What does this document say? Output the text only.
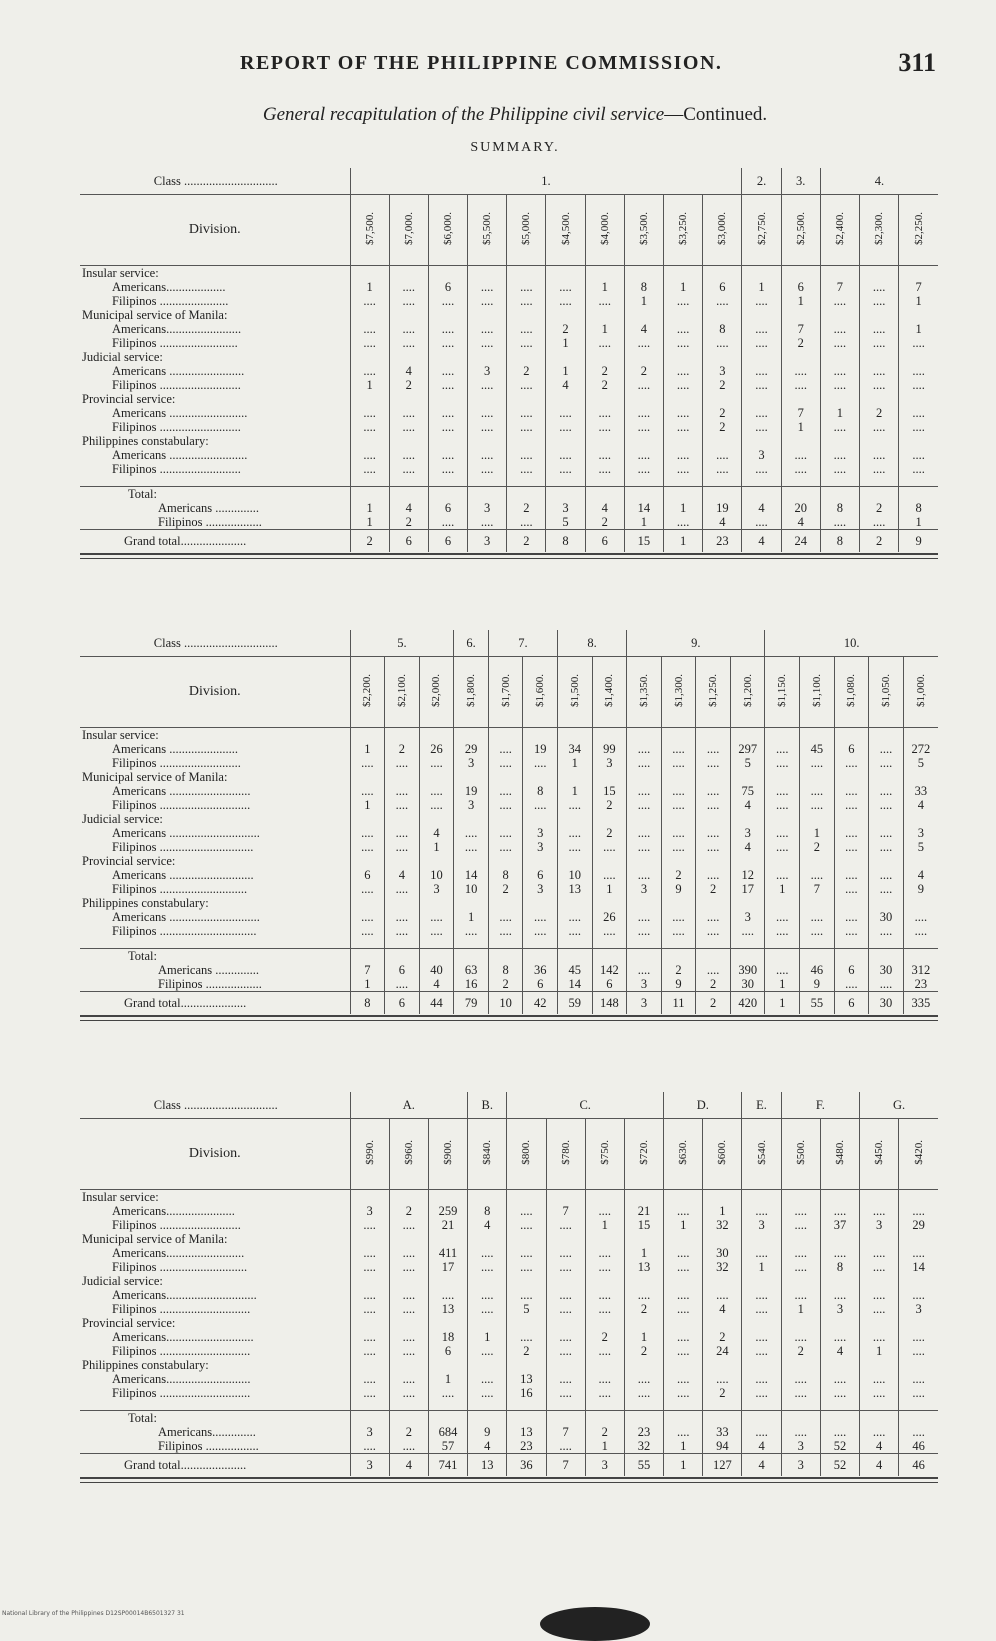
REPORT OF THE PHILIPPINE COMMISSION.	311
General recapitulation of the Philippine civil service—Continued.
SUMMARY.
Class ..............................	1.										2.	3.	4.		
Division.	$7,500.	$7,000.	$6,000.	$5,500.	$5,000.	$4,500.	$4,000.	$3,500.	$3,250.	$3,000.	$2,750.	$2,500.	$2,400.	$2,300.	$2,250.
Insular service:															
Americans...................	1	....	6	....	....	....	1	8	1	6	1	6	7	....	7
Filipinos ......................	....	....	....	....	....	....	....	1	....	....	....	1	....	....	1
Municipal service of Manila:															
Americans........................	....	....	....	....	....	2	1	4	....	8	....	7	....	....	1
Filipinos .........................	....	....	....	....	....	1	....	....	....	....	....	2	....	....	....
Judicial service:															
Americans ........................	....	4	....	3	2	1	2	2	....	3	....	....	....	....	....
Filipinos ..........................	1	2	....	....	....	4	2	....	....	2	....	....	....	....	....
Provincial service:															
Americans .........................	....	....	....	....	....	....	....	....	....	2	....	7	1	2	....
Filipinos ..........................	....	....	....	....	....	....	....	....	....	2	....	1	....	....	....
Philippines constabulary:															
Americans .........................	....	....	....	....	....	....	....	....	....	....	3	....	....	....	....
Filipinos ..........................	....	....	....	....	....	....	....	....	....	....	....	....	....	....	....

Total:															
Americans ..............	1	4	6	3	2	3	4	14	1	19	4	20	8	2	8
Filipinos ..................	1	2	....	....	....	5	2	1	....	4	....	4	....	....	1
Grand total.....................	2	6	6	3	2	8	6	15	1	23	4	24	8	2	9
Class ..............................	5.			6.	7.		8.		9.				10.				
Division.	$2,200.	$2,100.	$2,000.	$1,800.	$1,700.	$1,600.	$1,500.	$1,400.	$1,350.	$1,300.	$1,250.	$1,200.	$1,150.	$1,100.	$1,080.	$1,050.	$1,000.
Insular service:																	
Americans ......................	1	2	26	29	....	19	34	99	....	....	....	297	....	45	6	....	272
Filipinos ..........................	....	....	....	3	....	....	1	3	....	....	....	5	....	....	....	....	5
Municipal service of Manila:																	
Americans ..........................	....	....	....	19	....	8	1	15	....	....	....	75	....	....	....	....	33
Filipinos .............................	1	....	....	3	....	....	....	2	....	....	....	4	....	....	....	....	4
Judicial service:																	
Americans .............................	....	....	4	....	....	3	....	2	....	....	....	3	....	1	....	....	3
Filipinos ..............................	....	....	1	....	....	3	....	....	....	....	....	4	....	2	....	....	5
Provincial service:																	
Americans ...........................	6	4	10	14	8	6	10	....	....	2	....	12	....	....	....	....	4
Filipinos ............................	....	....	3	10	2	3	13	1	3	9	2	17	1	7	....	....	9
Philippines constabulary:																	
Americans .............................	....	....	....	1	....	....	....	26	....	....	....	3	....	....	....	30	....
Filipinos ...............................	....	....	....	....	....	....	....	....	....	....	....	....	....	....	....	....	....

Total:																	
Americans ..............	7	6	40	63	8	36	45	142	....	2	....	390	....	46	6	30	312
Filipinos ..................	1	....	4	16	2	6	14	6	3	9	2	30	1	9	....	....	23
Grand total.....................	8	6	44	79	10	42	59	148	3	11	2	420	1	55	6	30	335
Class ..............................	A.			B.	C.				D.		E.	F.		G.	
Division.	$990.	$960.	$900.	$840.	$800.	$780.	$750.	$720.	$630.	$600.	$540.	$500.	$480.	$450.	$420.
Insular service:															
Americans......................	3	2	259	8	....	7	....	21	....	1	....	....	....	....	....
Filipinos ..........................	....	....	21	4	....	....	1	15	1	32	3	....	37	3	29
Municipal service of Manila:															
Americans.........................	....	....	411	....	....	....	....	1	....	30	....	....	....	....	....
Filipinos ............................	....	....	17	....	....	....	....	13	....	32	1	....	8	....	14
Judicial service:															
Americans.............................	....	....	....	....	....	....	....	....	....	....	....	....	....	....	....
Filipinos .............................	....	....	13	....	5	....	....	2	....	4	....	1	3	....	3
Provincial service:															
Americans............................	....	....	18	1	....	....	2	1	....	2	....	....	....	....	....
Filipinos .............................	....	....	6	....	2	....	....	2	....	24	....	2	4	1	....
Philippines constabulary:															
Americans...........................	....	....	1	....	13	....	....	....	....	....	....	....	....	....	....
Filipinos .............................	....	....	....	....	16	....	....	....	....	2	....	....	....	....	....

Total:															
Americans..............	3	2	684	9	13	7	2	23	....	33	....	....	....	....	....
Filipinos .................	....	....	57	4	23	....	1	32	1	94	4	3	52	4	46
Grand total.....................	3	4	741	13	36	7	3	55	1	127	4	3	52	4	46
National Library of the Philippines D12SP00014B6501327 31
